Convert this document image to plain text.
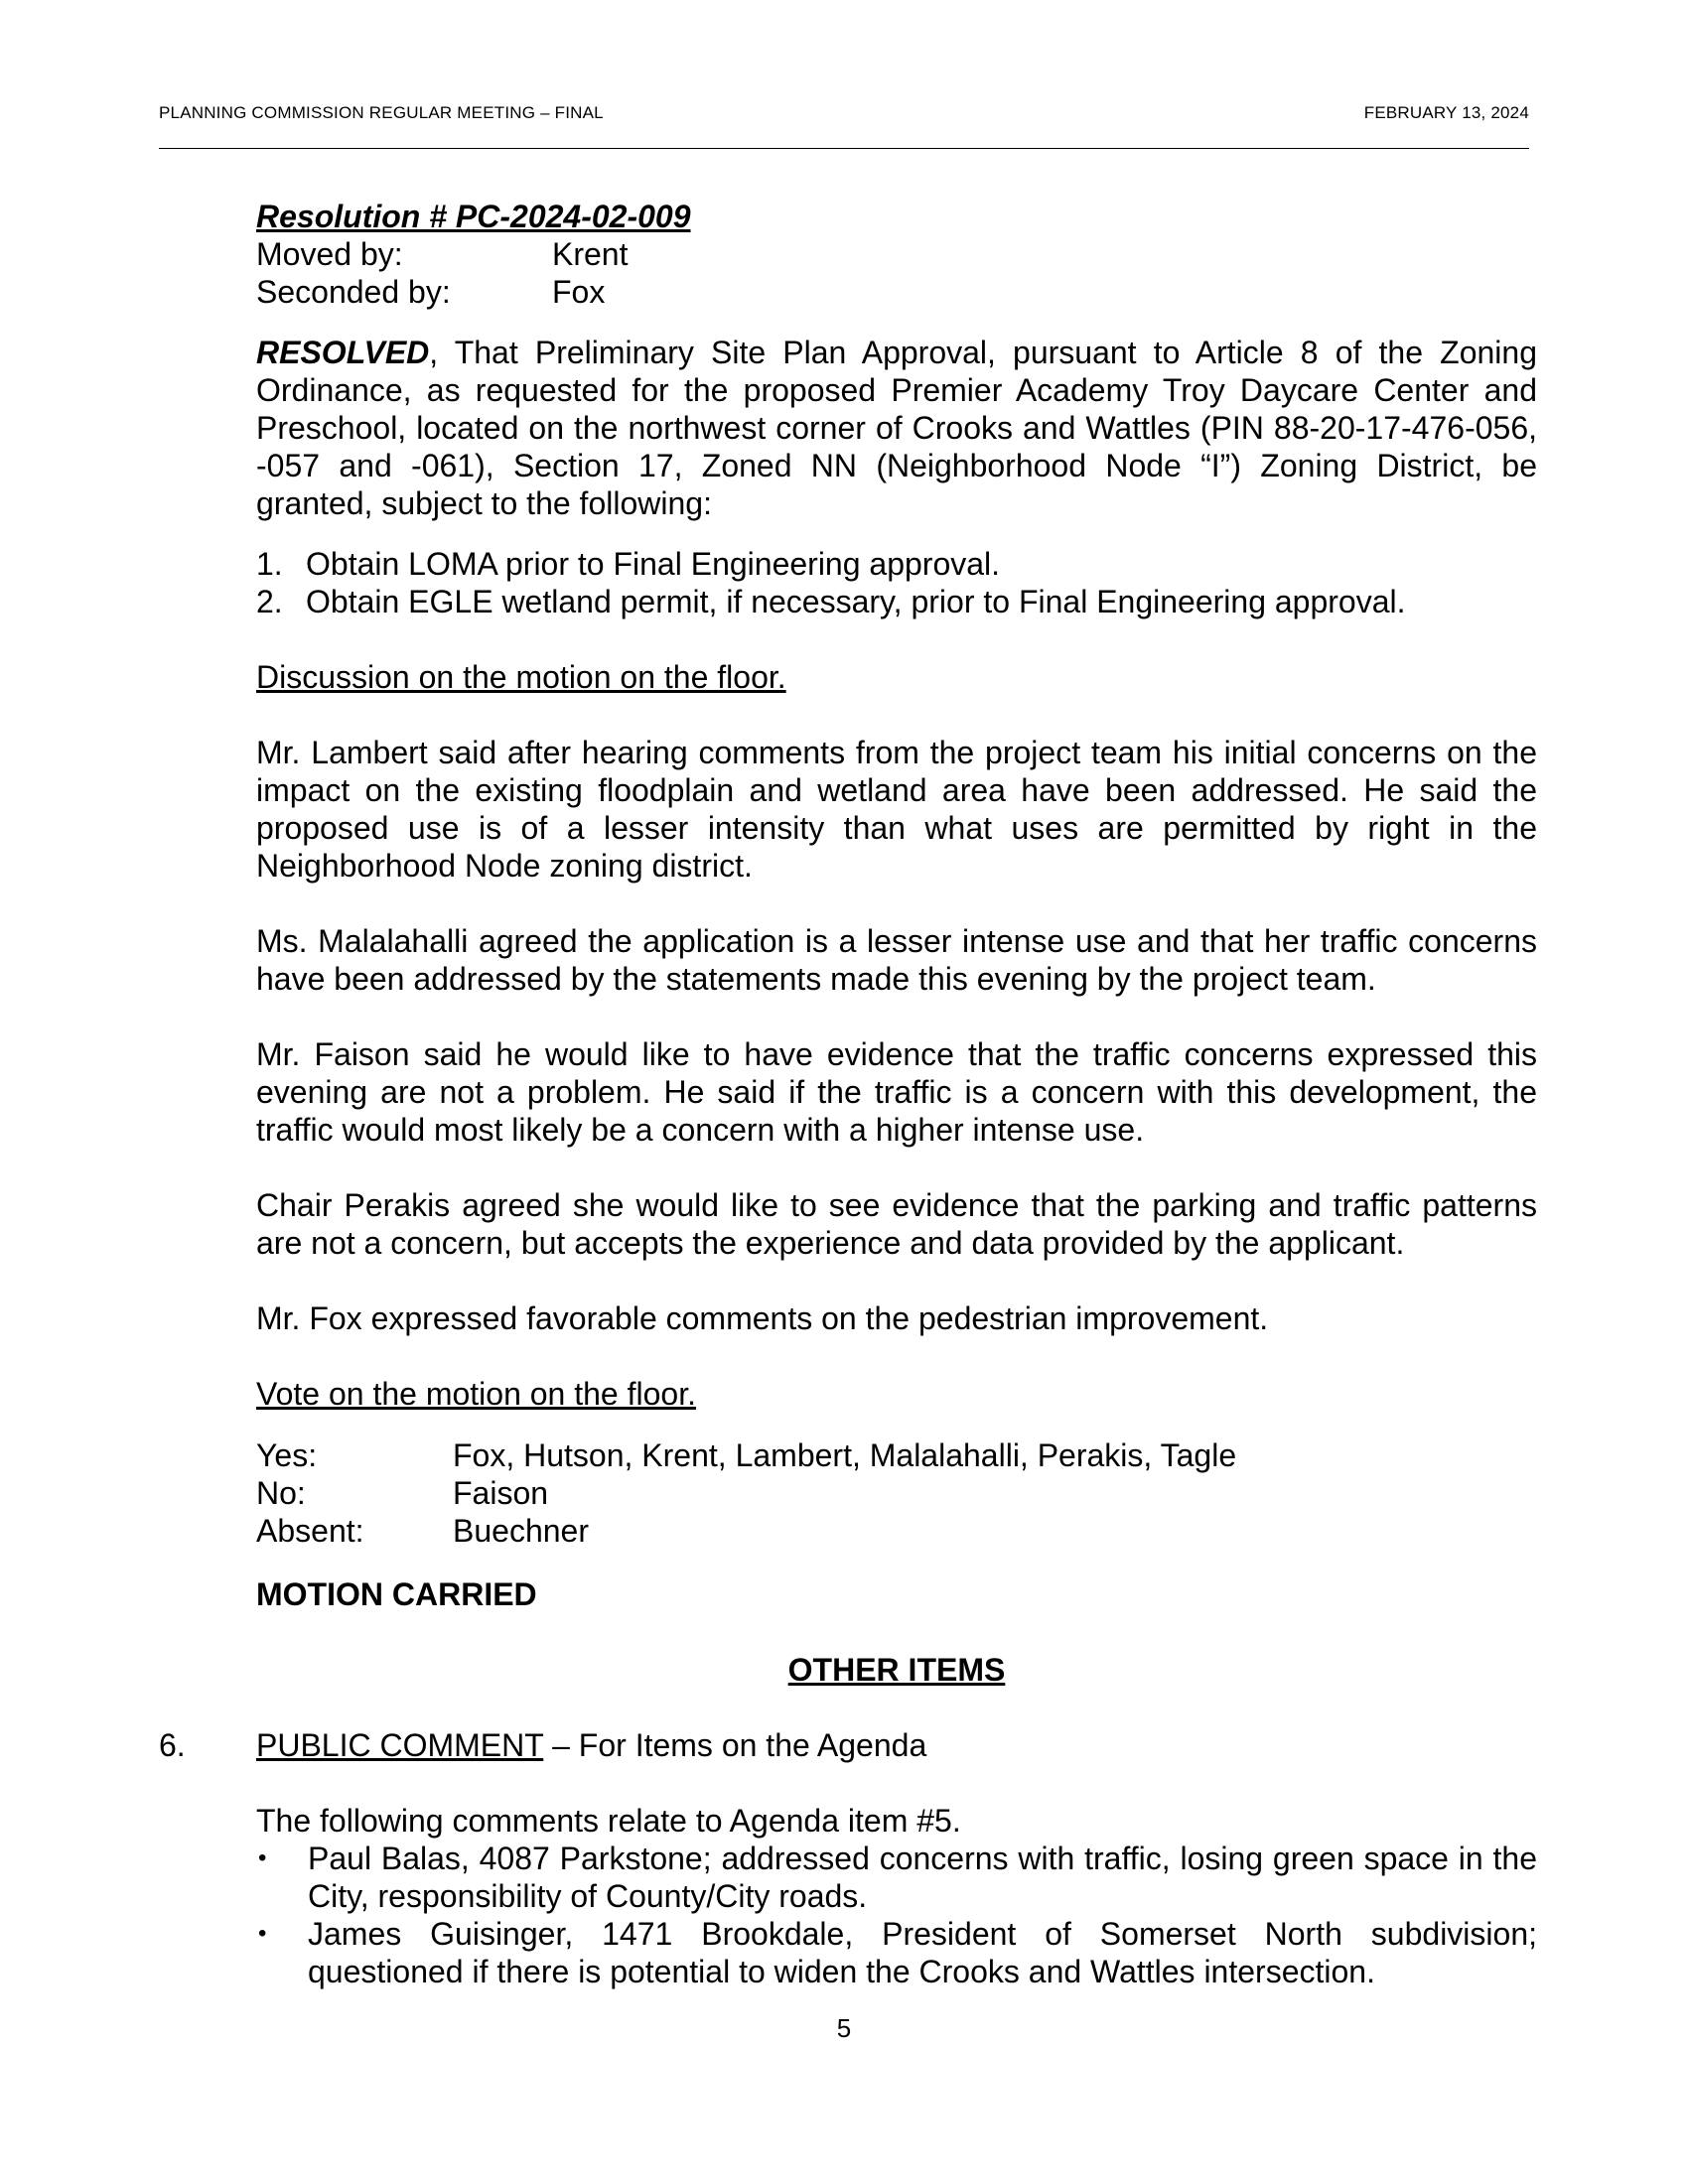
PLANNING COMMISSION REGULAR MEETING – FINAL	FEBRUARY 13, 2024
Resolution # PC-2024-02-009
Moved by:	Krent
Seconded by:	Fox

RESOLVED, That Preliminary Site Plan Approval, pursuant to Article 8 of the Zoning Ordinance, as requested for the proposed Premier Academy Troy Daycare Center and Preschool, located on the northwest corner of Crooks and Wattles (PIN 88-20-17-476-056, -057 and -061), Section 17, Zoned NN (Neighborhood Node “I”) Zoning District, be granted, subject to the following:

1. Obtain LOMA prior to Final Engineering approval.
2. Obtain EGLE wetland permit, if necessary, prior to Final Engineering approval.

Discussion on the motion on the floor.

Mr. Lambert said after hearing comments from the project team his initial concerns on the impact on the existing floodplain and wetland area have been addressed. He said the proposed use is of a lesser intensity than what uses are permitted by right in the Neighborhood Node zoning district.

Ms. Malalahalli agreed the application is a lesser intense use and that her traffic concerns have been addressed by the statements made this evening by the project team.

Mr. Faison said he would like to have evidence that the traffic concerns expressed this evening are not a problem. He said if the traffic is a concern with this development, the traffic would most likely be a concern with a higher intense use.

Chair Perakis agreed she would like to see evidence that the parking and traffic patterns are not a concern, but accepts the experience and data provided by the applicant.

Mr. Fox expressed favorable comments on the pedestrian improvement.

Vote on the motion on the floor.

Yes:	Fox, Hutson, Krent, Lambert, Malalahalli, Perakis, Tagle
No:	Faison
Absent:	Buechner

MOTION CARRIED

OTHER ITEMS

6. PUBLIC COMMENT – For Items on the Agenda

The following comments relate to Agenda item #5.

•	Paul Balas, 4087 Parkstone; addressed concerns with traffic, losing green space in the City, responsibility of County/City roads.
•	James Guisinger, 1471 Brookdale, President of Somerset North subdivision; questioned if there is potential to widen the Crooks and Wattles intersection.
5
